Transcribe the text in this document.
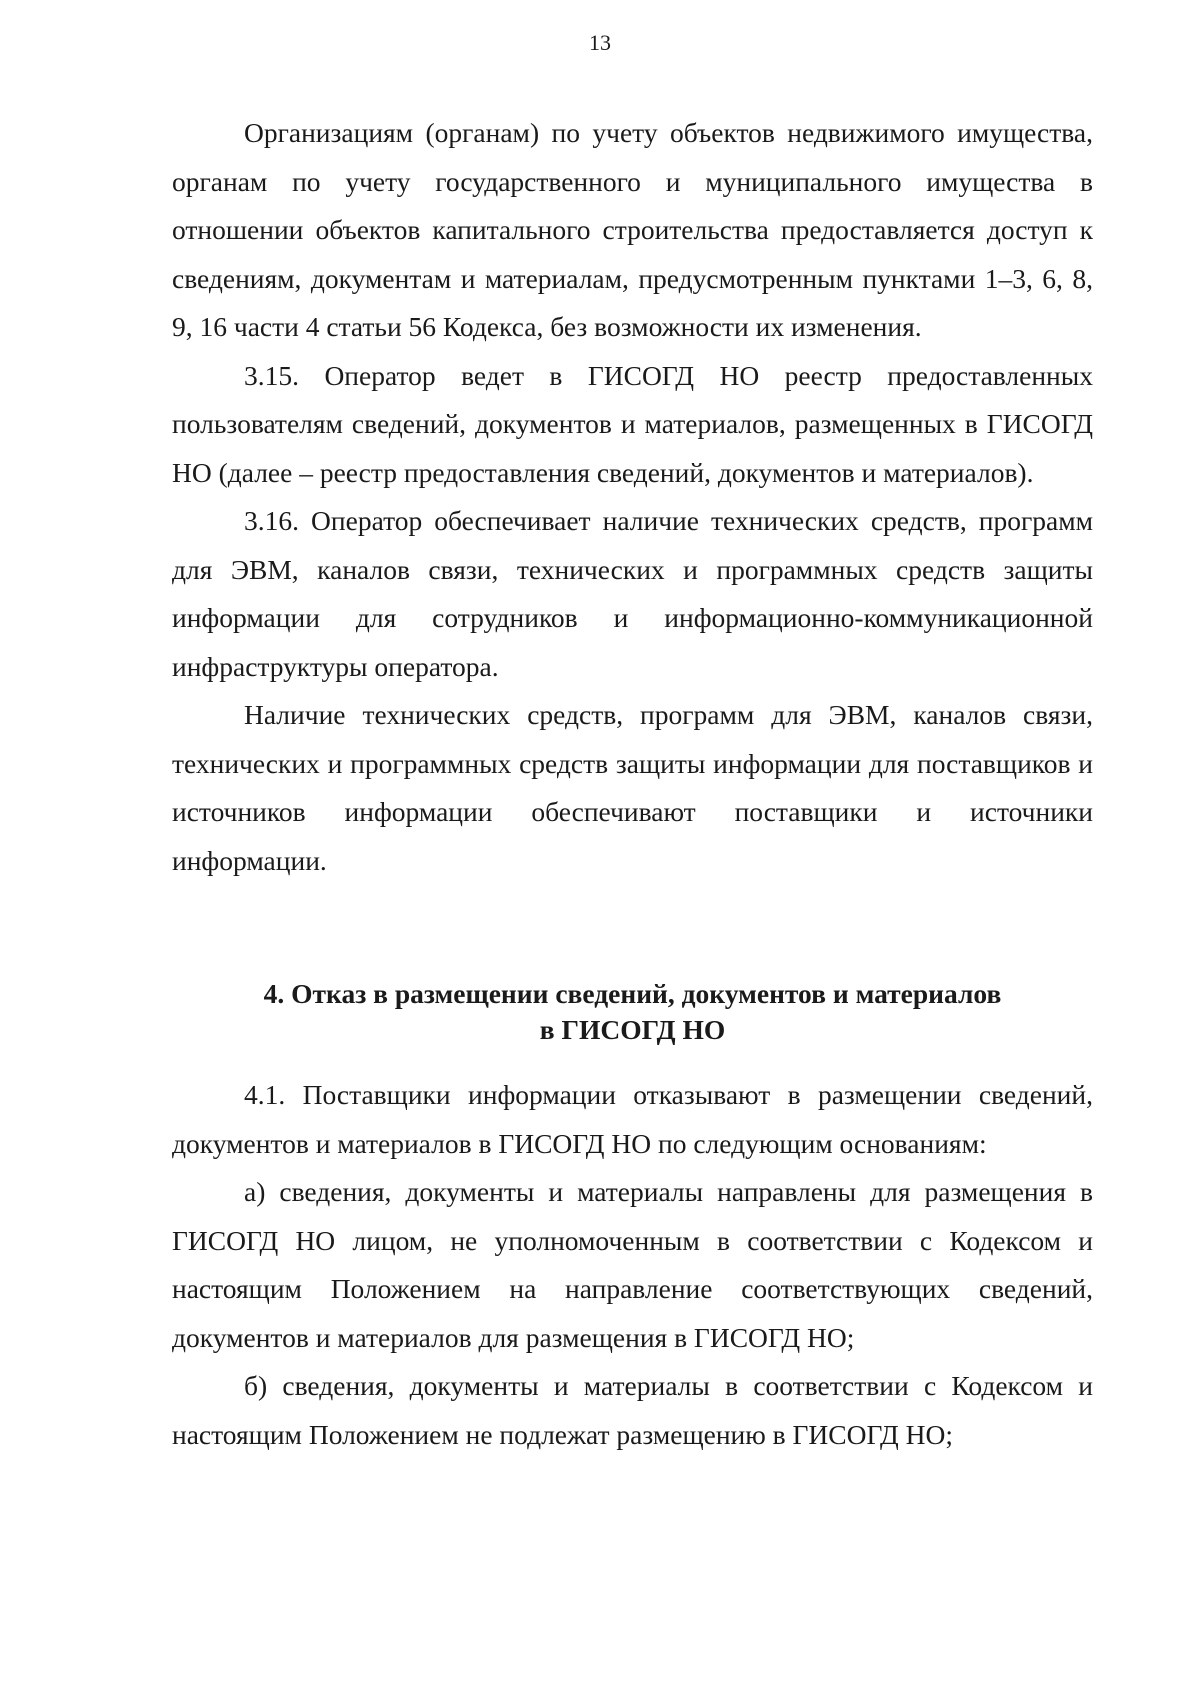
13

Организациям (органам) по учету объектов недвижимого имущества, органам по учету государственного и муниципального имущества в отношении объектов капитального строительства предоставляется доступ к сведениям, документам и материалам, предусмотренным пунктами 1–3, 6, 8, 9, 16 части 4 статьи 56 Кодекса, без возможности их изменения.

3.15. Оператор ведет в ГИСОГД НО реестр предоставленных пользователям сведений, документов и материалов, размещенных в ГИСОГД НО (далее – реестр предоставления сведений, документов и материалов).

3.16. Оператор обеспечивает наличие технических средств, программ для ЭВМ, каналов связи, технических и программных средств защиты информации для сотрудников и информационно-коммуникационной инфраструктуры оператора.

Наличие технических средств, программ для ЭВМ, каналов связи, технических и программных средств защиты информации для поставщиков и источников информации обеспечивают поставщики и источники информации.

4. Отказ в размещении сведений, документов и материалов
в ГИСОГД НО

4.1. Поставщики информации отказывают в размещении сведений, документов и материалов в ГИСОГД НО по следующим основаниям:

а) сведения, документы и материалы направлены для размещения в ГИСОГД НО лицом, не уполномоченным в соответствии с Кодексом и настоящим Положением на направление соответствующих сведений, документов и материалов для размещения в ГИСОГД НО;

б) сведения, документы и материалы в соответствии с Кодексом и настоящим Положением не подлежат размещению в ГИСОГД НО;
